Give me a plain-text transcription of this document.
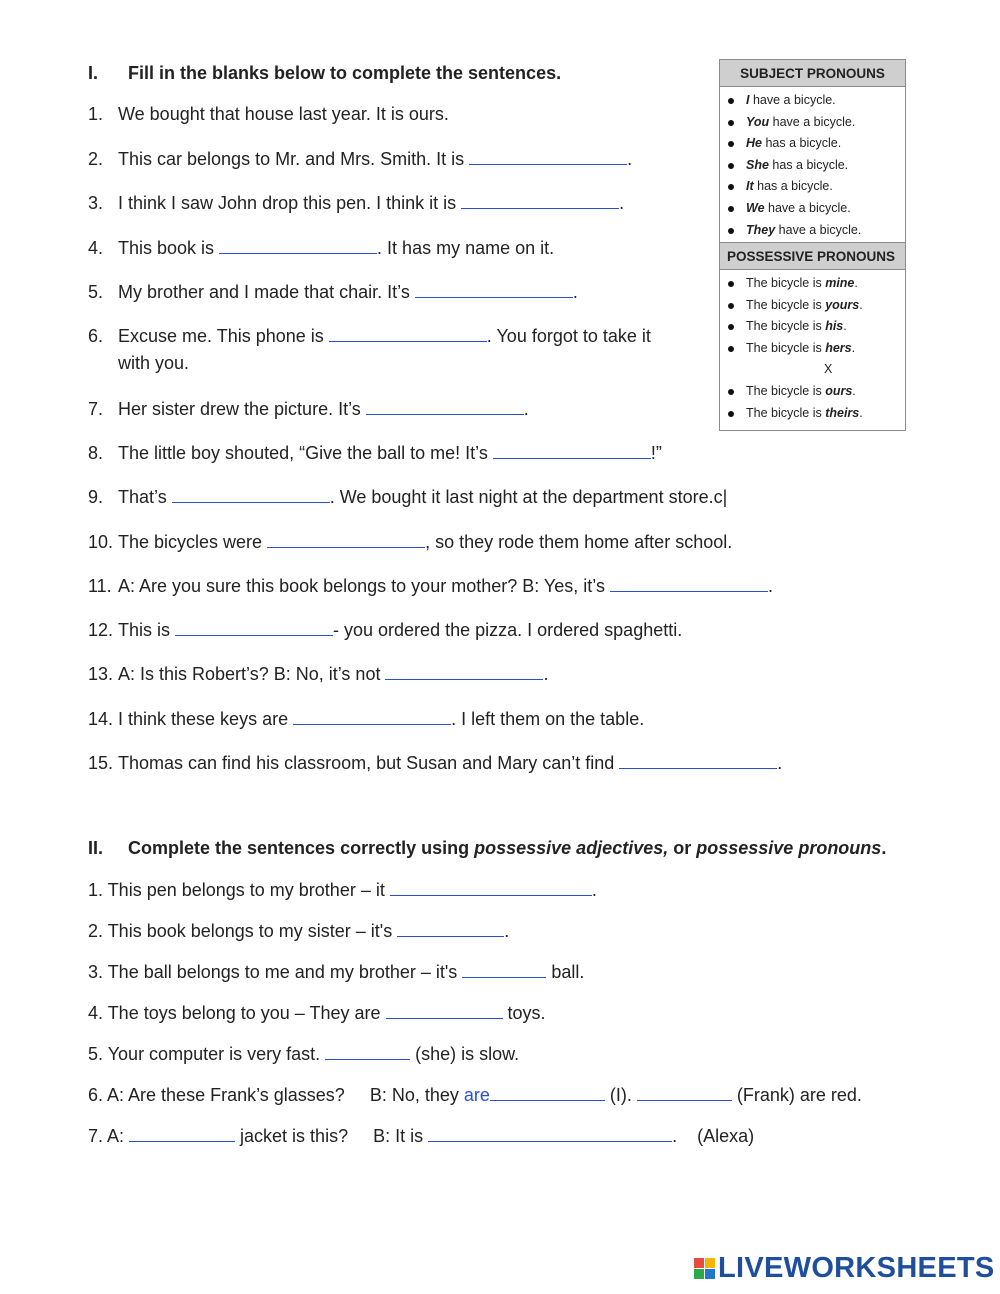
I. Fill in the blanks below to complete the sentences.
1. We bought that house last year. It is ours.
2. This car belongs to Mr. and Mrs. Smith. It is	.
3. I think I saw John drop this pen. I think it is	.
4. This book is	. It has my name on it.
5. My brother and I made that chair. It’s	.
6. Excuse me. This phone is	. You forgot to take it
with you.
7. Her sister drew the picture. It’s	.
8. The little boy shouted, “Give the ball to me! It’s	!”
9. That’s	. We bought it last night at the department store.c|
10. The bicycles were	, so they rode them home after school.
11. A: Are you sure this book belongs to your mother? B: Yes, it’s	.
12. This is	- you ordered the pizza. I ordered spaghetti.
13. A: Is this Robert’s? B: No, it’s not	.
14. I think these keys are	. I left them on the table.
15. Thomas can find his classroom, but Susan and Mary can’t find	.
SUBJECT PRONOUNS
I have a bicycle.
You have a bicycle.
He has a bicycle.
She has a bicycle.
It has a bicycle.
We have a bicycle.
They have a bicycle.
POSSESSIVE PRONOUNS
The bicycle is mine.
The bicycle is yours.
The bicycle is his.
The bicycle is hers.
X
The bicycle is ours.
The bicycle is theirs.
II. Complete the sentences correctly using possessive adjectives, or possessive pronouns.
1. This pen belongs to my brother – it	.
2. This book belongs to my sister – it's	.
3. The ball belongs to me and my brother – it's	ball.
4. The toys belong to you – They are	toys.
5. Your computer is very fast.	(she) is slow.
6. A: Are these Frank’s glasses?     B: No, they are	(I).	(Frank) are red.
7. A:	jacket is this?     B: It is	.    (Alexa)
LIVEWORKSHEETS
